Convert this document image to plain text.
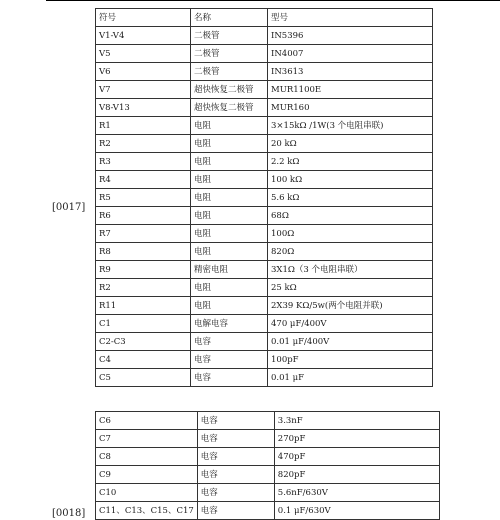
[0017]
[0018]
符号	名称	型号
V1-V4	二极管	IN5396
V5	二极管	IN4007
V6	二极管	IN3613
V7	超快恢复二极管	MUR1100E
V8-V13	超快恢复二极管	MUR160
R1	电阻	3×15kΩ /1W(3 个电阻串联)
R2	电阻	20 kΩ
R3	电阻	2.2 kΩ
R4	电阻	100 kΩ
R5	电阻	5.6 kΩ
R6	电阻	68Ω
R7	电阻	100Ω
R8	电阻	820Ω
R9	精密电阻	3X1Ω（3 个电阻串联）
R2	电阻	25 kΩ
R11	电阻	2X39 KΩ/5w(两个电阻并联)
C1	电解电容	470 μF/400V
C2-C3	电容	0.01 μF/400V
C4	电容	100pF
C5	电容	0.01 μF
C6	电容	3.3nF
C7	电容	270pF
C8	电容	470pF
C9	电容	820pF
C10	电容	5.6nF/630V
C11、C13、C15、C17	电容	0.1 μF/630V
